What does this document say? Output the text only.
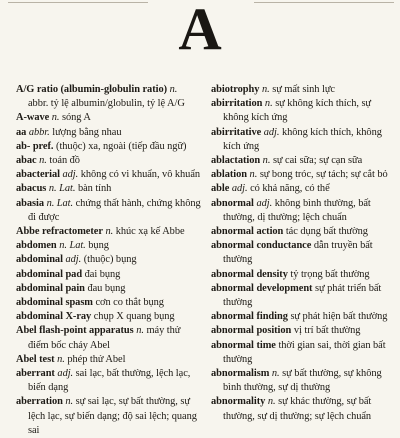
A
A/G ratio (albumin-globulin ratio) n.
abbr. tỷ lệ albumin/globulin, tỷ lệ A/G
A-wave n. sóng A
aa abbr. lượng bằng nhau
ab- pref. (thuộc) xa, ngoài (tiếp đầu ngữ)
abac n. toán đồ
abacterial adj. không có vi khuẩn, vô khuẩn
abacus n. Lat. bàn tính
abasia n. Lat. chứng thất hành, chứng không
đi được
Abbe refractometer n. khúc xạ kế Abbe
abdomen n. Lat. bụng
abdominal adj. (thuộc) bụng
abdominal pad đai bụng
abdominal pain đau bụng
abdominal spasm cơn co thắt bụng
abdominal X-ray chụp X quang bụng
Abel flash-point apparatus n. máy thử
điểm bốc cháy Abel
Abel test n. phép thử Abel
aberrant adj. sai lạc, bất thường, lệch lạc,
biến dạng
aberration n. sự sai lạc, sự bất thường, sự
lệch lạc, sự biến dạng; độ sai lệch; quang sai
abiotrophy n. sự mất sinh lực
abirritation n. sự không kích thích, sự
không kích ứng
abirritative adj. không kích thích, không
kích ứng
ablactation n. sự cai sữa; sự cạn sữa
ablation n. sự bong tróc, sự tách; sự cắt bỏ
able adj. có khả năng, có thể
abnormal adj. không bình thường, bất
thường, dị thường; lệch chuẩn
abnormal action tác dụng bất thường
abnormal conductance dẫn truyền bất
thường
abnormal density tỷ trọng bất thường
abnormal development sự phát triển bất
thường
abnormal finding sự phát hiện bất thường
abnormal position vị trí bất thường
abnormal time thời gian sai, thời gian bất
thường
abnormalism n. sự bất thường, sự không
bình thường, sự dị thường
abnormality n. sự khác thường, sự bất
thường, sự dị thường; sự lệch chuẩn
